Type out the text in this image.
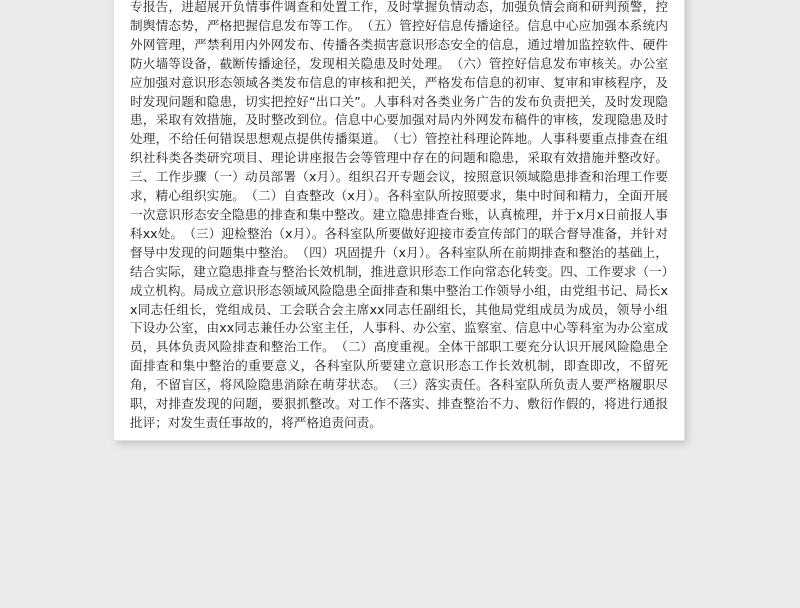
专报告，进超展开负情事件调查和处置工作，及时掌握负情动态，加强负情会商和研判预警，控制舆情态势，严格把握信息发布等工作。　（五）管控好信息传播途径。信息中心应加强本系统内外网管理，严禁利用内外网发布、传播各类损害意识形态安全的信息，通过增加监控软件、硬件防火墙等设备，截断传播途径，发现相关隐患及时处理。　（六）管控好信息发布审核关。办公室应加强对意识形态领域各类发布信息的审核和把关，严格发布信息的初审、复审和审核程序，及时发现问题和隐患，切实把控好“出口关”。人事科对各类业务广告的发布负责把关，及时发现隐患，采取有效措施，及时整改到位。信息中心要加强对局内外网发布稿件的审核，发现隐患及时处理，不给任何错误思想观点提供传播渠道。　（七）管控社科理论阵地。人事科要重点排查在组织社科类各类研究项目、理论讲座报告会等管理中存在的问题和隐患，采取有效措施并整改好。三、工作步骤（一）动员部署（x月）。组织召开专题会议，按照意识领域隐患排查和治理工作要求，精心组织实施。　（二）自查整改（x月）。各科室队所按照要求，集中时间和精力，全面开展一次意识形态安全隐患的排查和集中整改。建立隐患排查台账，认真梳理，并于x月x日前报人事科xx处。　（三）迎检整治（x月）。各科室队所要做好迎接市委宣传部门的联合督导准备，并针对督导中发现的问题集中整治。　（四）巩固提升（x月）。各科室队所在前期排查和整治的基础上，结合实际，建立隐患排查与整治长效机制，推进意识形态工作向常态化转变。四、工作要求（一）成立机构。局成立意识形态领域风险隐患全面排查和集中整治工作领导小组，由党组书记、局长xx同志任组长，党组成员、工会联合会主席xx同志任副组长，其他局党组成员为成员，领导小组下设办公室，由xx同志兼任办公室主任，人事科、办公室、监察室、信息中心等科室为办公室成员，具体负责风险排查和整治工作。　（二）高度重视。全体干部职工要充分认识开展风险隐患全面排查和集中整治的重要意义，各科室队所要建立意识形态工作长效机制，即查即改，不留死角，不留盲区，将风险隐患消除在萌芽状态。　（三）落实责任。各科室队所负责人要严格履职尽职，对排查发现的问题，要狠抓整改。对工作不落实、排查整治不力、敷衍作假的，将进行通报批评；对发生责任事故的，将严格追责问责。
